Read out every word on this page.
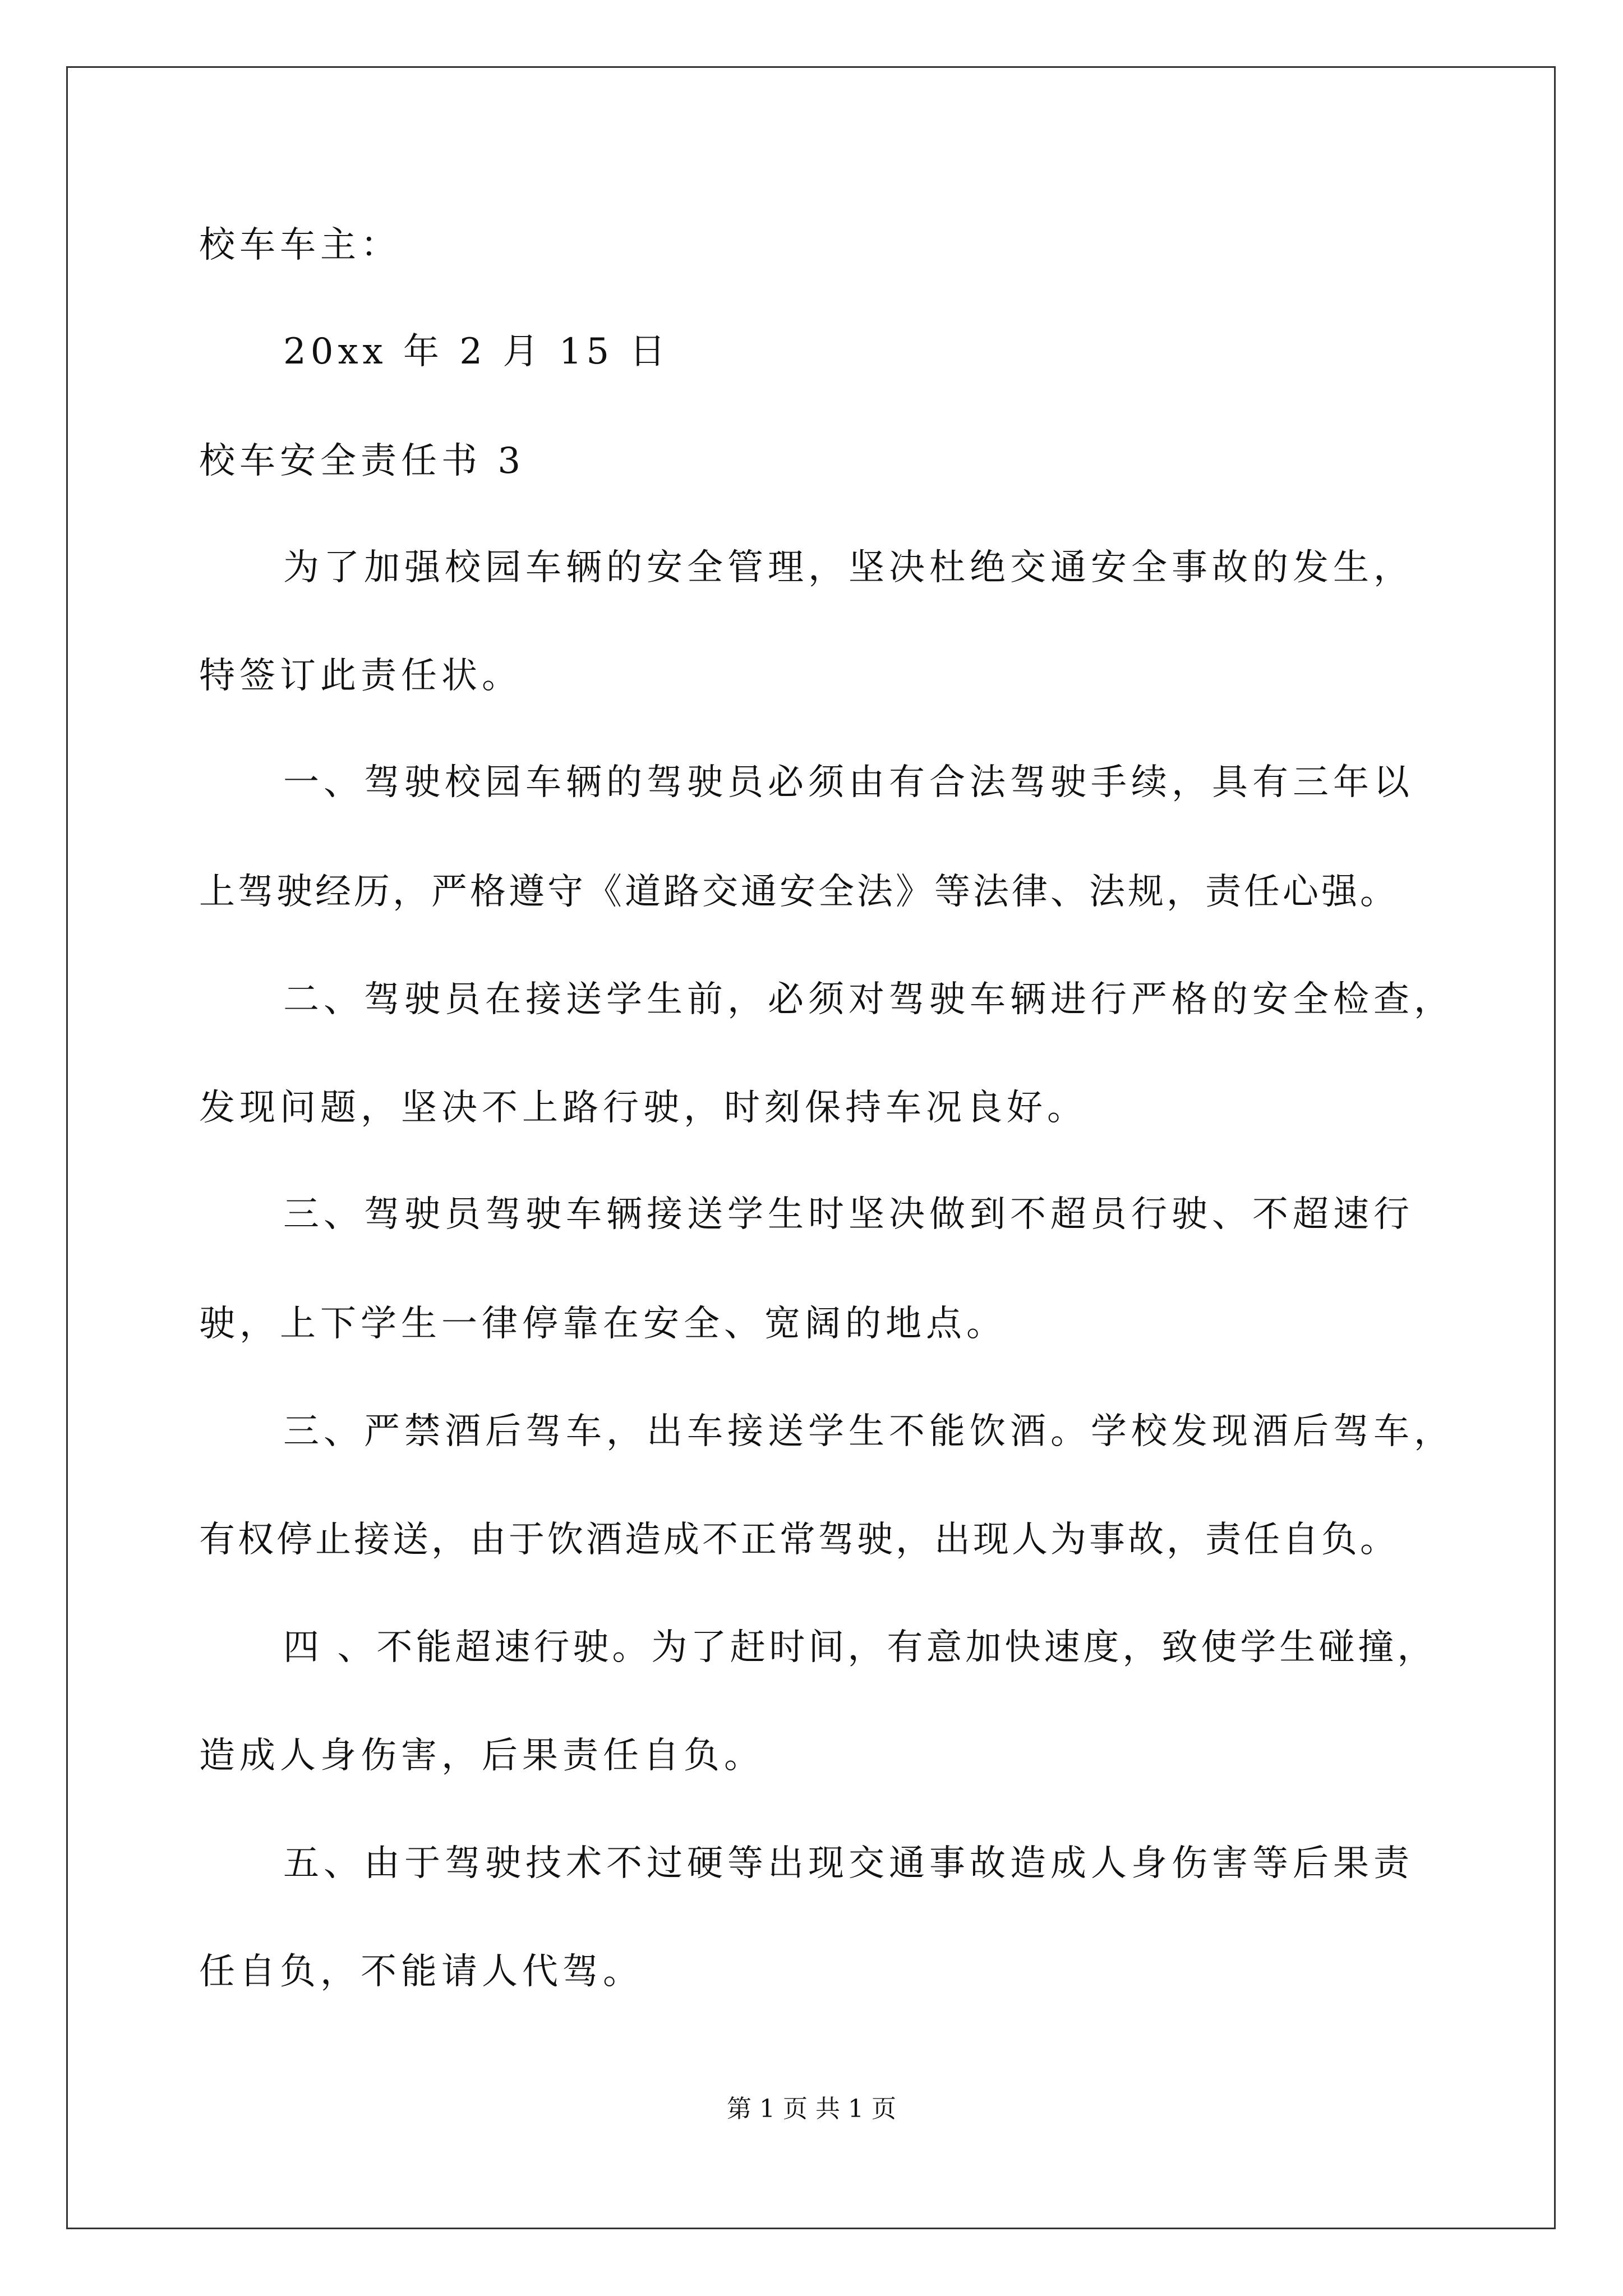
校车车主：
20xx 年 2 月 15 日
校车安全责任书 3
为了加强校园车辆的安全管理，坚决杜绝交通安全事故的发生，
特签订此责任状。
一、驾驶校园车辆的驾驶员必须由有合法驾驶手续，具有三年以
上驾驶经历，严格遵守《道路交通安全法》等法律、法规，责任心强。
二、驾驶员在接送学生前，必须对驾驶车辆进行严格的安全检查，
发现问题，坚决不上路行驶，时刻保持车况良好。
三、驾驶员驾驶车辆接送学生时坚决做到不超员行驶、不超速行
驶，上下学生一律停靠在安全、宽阔的地点。
三、严禁酒后驾车，出车接送学生不能饮酒。学校发现酒后驾车，
有权停止接送，由于饮酒造成不正常驾驶，出现人为事故，责任自负。
四 、不能超速行驶。为了赶时间，有意加快速度，致使学生碰撞，
造成人身伤害，后果责任自负。
五、由于驾驶技术不过硬等出现交通事故造成人身伤害等后果责
任自负，不能请人代驾。
第 1 页 共 1 页
